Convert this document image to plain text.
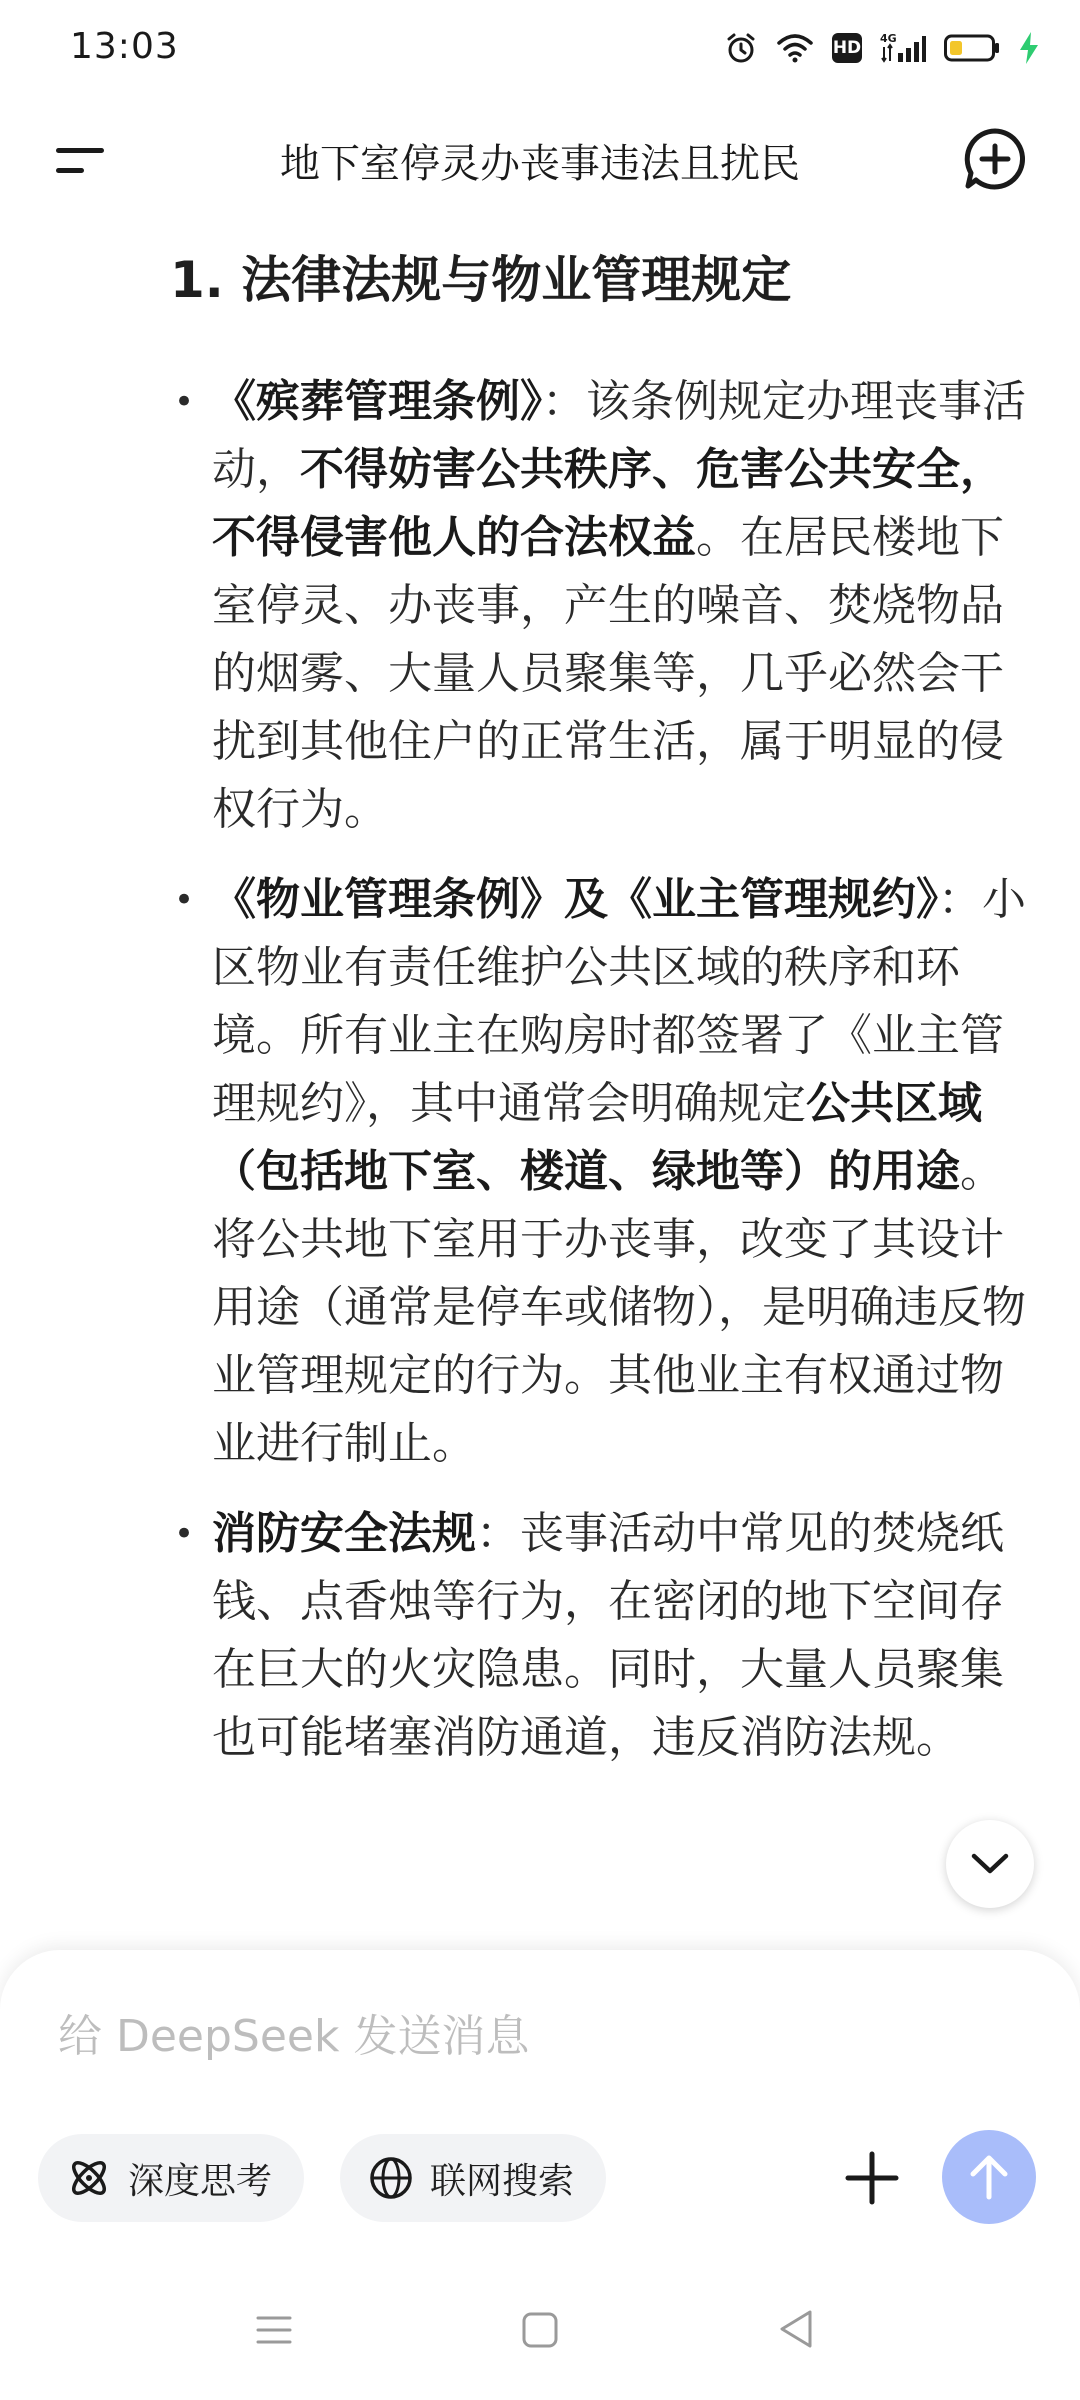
13:03	HD 4G
地下室停灵办丧事违法且扰民
1. 法律法规与物业管理规定
• 《殡葬管理条例》：该条例规定办理丧事活动，不得妨害公共秩序、危害公共安全，不得侵害他人的合法权益。在居民楼地下室停灵、办丧事，产生的噪音、焚烧物品的烟雾、大量人员聚集等，几乎必然会干扰到其他住户的正常生活，属于明显的侵权行为。
• 《物业管理条例》及《业主管理规约》：小区物业有责任维护公共区域的秩序和环境。所有业主在购房时都签署了《业主管理规约》，其中通常会明确规定公共区域（包括地下室、楼道、绿地等）的用途。将公共地下室用于办丧事，改变了其设计用途（通常是停车或储物），是明确违反物业管理规定的行为。其他业主有权通过物业进行制止。
• 消防安全法规：丧事活动中常见的焚烧纸钱、点香烛等行为，在密闭的地下空间存在巨大的火灾隐患。同时，大量人员聚集也可能堵塞消防通道，违反消防法规。
给 DeepSeek 发送消息
深度思考	联网搜索
